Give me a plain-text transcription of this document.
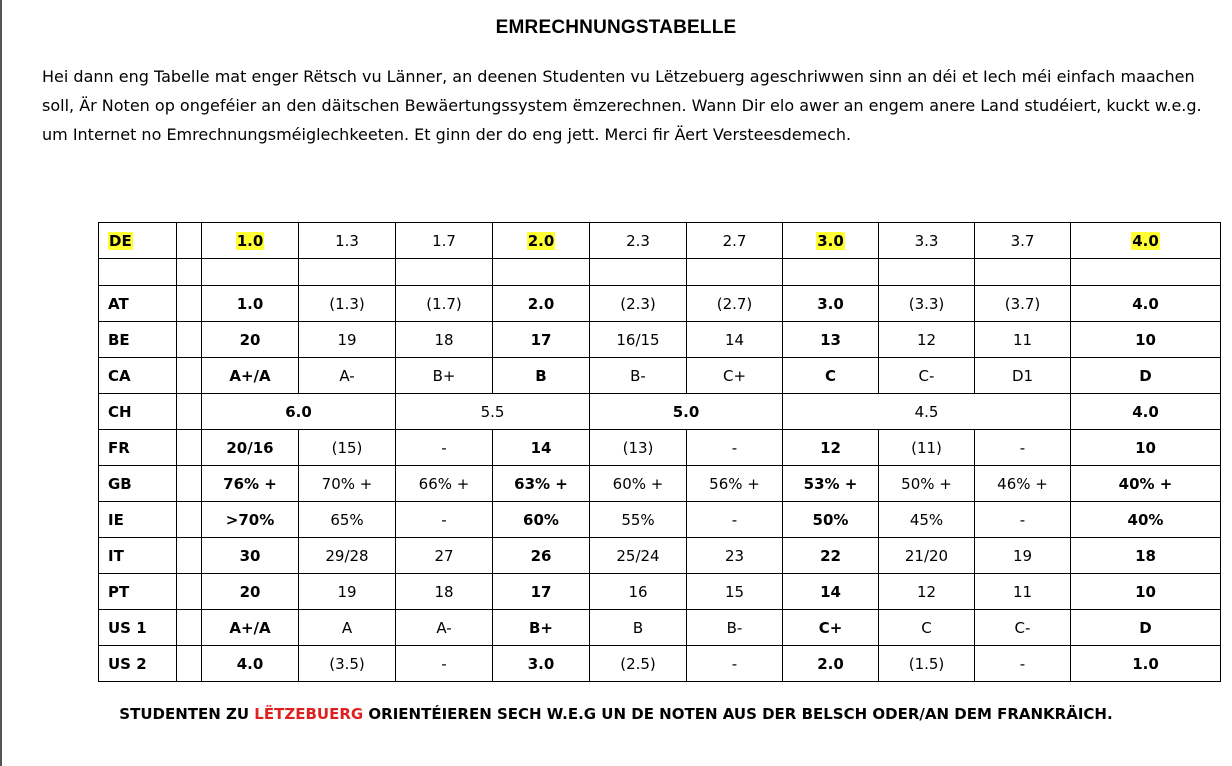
EMRECHNUNGSTABELLE
Hei dann eng Tabelle mat enger Rëtsch vu Länner, an deenen Studenten vu Lëtzebuerg ageschriwwen sinn an déi et Iech méi einfach maachen soll, Är Noten op ongeféier an den däitschen Bewäertungssystem ëmzerechnen. Wann Dir elo awer an engem anere Land studéiert, kuckt w.e.g. um Internet no Emrechnungsméiglechkeeten. Et ginn der do eng jett. Merci fir Äert Versteesdemech.
DE		1.0	1.3	1.7	2.0	2.3	2.7	3.0	3.3	3.7	4.0

AT		1.0	(1.3)	(1.7)	2.0	(2.3)	(2.7)	3.0	(3.3)	(3.7)	4.0
BE		20	19	18	17	16/15	14	13	12	11	10
CA		A+/A	A-	B+	B	B-	C+	C	C-	D1	D
CH		6.0		5.5		5.0		4.5			4.0
FR		20/16	(15)	-	14	(13)	-	12	(11)	-	10
GB		76% +	70% +	66% +	63% +	60% +	56% +	53% +	50% +	46% +	40% +
IE		>70%	65%	-	60%	55%	-	50%	45%	-	40%
IT		30	29/28	27	26	25/24	23	22	21/20	19	18
PT		20	19	18	17	16	15	14	12	11	10
US 1		A+/A	A	A-	B+	B	B-	C+	C	C-	D
US 2		4.0	(3.5)	-	3.0	(2.5)	-	2.0	(1.5)	-	1.0
STUDENTEN ZU LËTZEBUERG ORIENTÉIEREN SECH W.E.G UN DE NOTEN AUS DER BELSCH ODER/AN DEM FRANKRÄICH.
